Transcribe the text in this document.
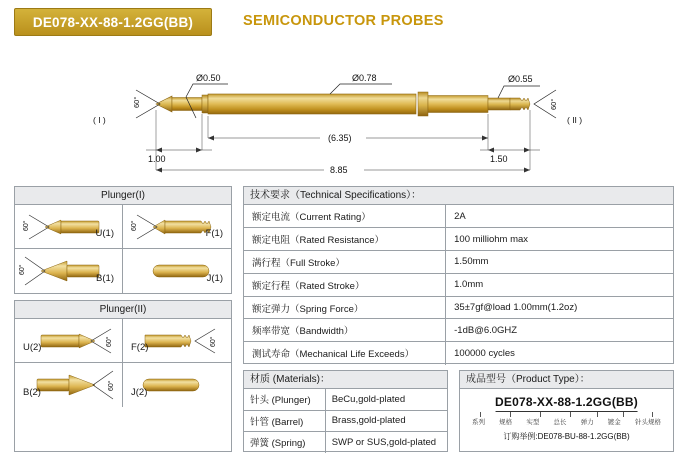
DE078-XX-88-1.2GG(BB)	SEMICONDUCTOR PROBES
Ø0.50	Ø0.78	Ø0.55
60°
( I )
60°
( II )
(6.35)
1.00	1.50
8.85
Plunger(I)
60°
U(1)
60°
F(1)
60°
B(1)	J(1)
Plunger(II)
60°
U(2)
60°
F(2)
60°
B(2)	J(2)
技术要求（Technical Specifications）：
额定电流（Current Rating）	2A
额定电阻（Rated Resistance）	100 milliohm max
满行程（Full Stroke）	1.50mm
额定行程（Rated Stroke）	1.0mm
额定弹力（Spring Force）	35±7gf@load 1.00mm(1.2oz)
频率带宽（Bandwidth）	-1dB@6.0GHZ
测试寿命（Mechanical Life Exceeds）	100000 cycles
材质 (Materials)：
针头 (Plunger)	BeCu,gold-plated
针管 (Barrel)	Brass,gold-plated
弹簧 (Spring)	SWP or SUS,gold-plated
成品型号（Product Type）：
DE078-XX-88-1.2GG(BB)
系列 规格 实型 总长 弹力 镀金 针头规格
订购举例:DE078-BU-88-1.2GG(BB)
